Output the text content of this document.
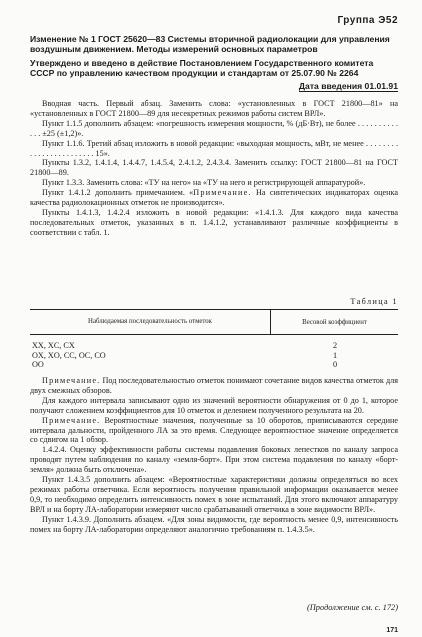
Группа Э52

Изменение № 1 ГОСТ 25620—83 Системы вторичной радиолокации для управления воздушным движением. Методы измерений основных параметров

Утверждено и введено в действие Постановлением Государственного комитета СССР по управлению качеством продукции и стандартам от 25.07.90 № 2264

Дата введения 01.01.91

Вводная часть. Первый абзац. Заменить слова: «установленных в ГОСТ 21800—81» на «установленных в ГОСТ 21800—89 для несекретных режимов работы систем ВРЛ».

Пункт 1.1.5 дополнить абзацем: «погрешность измерения мощности, % (дБ·Вт), не более . . . . . . . . . . . . . ±25 (±1,2)».

Пункт 1.1.6. Третий абзац изложить в новой редакции: «выходная мощность, мВт, не менее . . . . . . . . . . . . . . . . . . . . . . . . 15».

Пункты 1.3.2, 1.4.1.4, 1.4.4.7, 1.4.5.4, 2.4.1.2, 2.4.3.4. Заменить ссылку: ГОСТ 21800—81 на ГОСТ 21800—89.

Пункт 1.3.3. Заменить слова: «ТУ на него» на «ТУ на него и регистрирующей аппаратурой».

Пункт 1.4.1.2 дополнить примечанием. «Примечание. На синтетических индикаторах оценка качества радиолокационных отметок не производится».

Пункты 1.4.1.3, 1.4.2.4 изложить в новой редакции: «1.4.1.3. Для каждого вида качества последовательных отметок, указанных в п. 1.4.1.2, устанавливают различные коэффициенты в соответствии с табл. 1.

Таблица 1
Наблюдаемая последовательность отметок	Весовой коэффициент
XX, XC, CX
OX, XO, CC, OC, CO
OO
2
1
0

Примечание. Под последовательностью отметок понимают сочетание видов качества отметок для двух смежных обзоров.

Для каждого интервала записывают одно из значений вероятности обнаружения от 0 до 1, которое получают сложением коэффициентов для 10 отметок и делением полученного результата на 20.

Примечание. Вероятностные значения, полученные за 10 оборотов, приписываются середине интервала дальности, пройденного ЛА за это время. Следующее вероятностное значение определяется со сдвигом на 1 обзор.

1.4.2.4. Оценку эффективности работы системы подавления боковых лепестков по каналу запроса проводят путем наблюдения по каналу «земля-борт». При этом система подавления по каналу «борт-земля» должна быть отключена».

Пункт 1.4.3.5 дополнить абзацем: «Вероятностные характеристики должны определяться во всех режимах работы ответчика. Если вероятность получения правильной информации оказывается менее 0,9, то необходимо определить интенсивность помех в зоне испытаний. Для этого включают аппаратуру ВРЛ и на борту ЛА-лаборатории измеряют число срабатываний ответчика в зоне видимости ВРЛ».

Пункт 1.4.3.9. Дополнить абзацем. «Для зоны видимости, где вероятность менее 0,9, интенсивность помех на борту ЛА-лаборатории определяют аналогично требованиям п. 1.4.3.5».

(Продолжение см. с. 172)
171
